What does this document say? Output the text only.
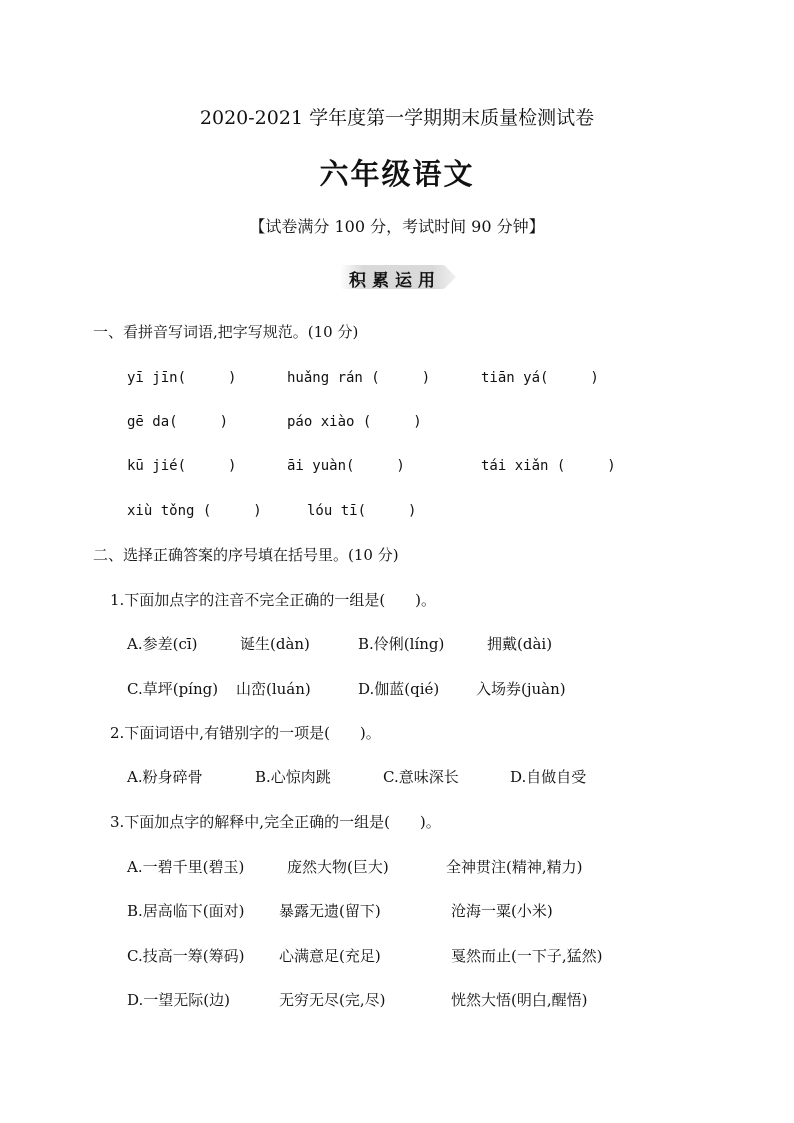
2020-2021 学年度第一学期期末质量检测试卷
六年级语文
【试卷满分 100 分，考试时间 90 分钟】
积累运用
一、看拼音写词语,把字写规范。(10 分)
yī jīn(　　　)	huǎng rán (　　　)	tiān yá(　　　)
gē da(　　　)	páo xiào (　　　)
kū jié(　　　)	āi yuàn(　　　)	tái xiǎn (　　　)
xiù tǒng (　　　)	lóu tī(　　　)
二、选择正确答案的序号填在括号里。(10 分)
1.下面加点字的注音不完全正确的一组是(　　)。
A.参差(cī)	诞生(dàn)	B.伶俐(líng)	拥戴(dài)
C.草坪(píng) 山峦(luán)	D.伽蓝(qié) 入场券(juàn)
2.下面词语中,有错别字的一项是(　　)。
A.粉身碎骨	B.心惊肉跳	C.意味深长	D.自做自受
3.下面加点字的解释中,完全正确的一组是(　　)。
A.一碧千里(碧玉)	庞然大物(巨大)	全神贯注(精神,精力)
B.居高临下(面对) 暴露无遗(留下)	沧海一粟(小米)
C.技高一筹(筹码) 心满意足(充足)	戛然而止(一下子,猛然)
D.一望无际(边)	无穷无尽(完,尽)	恍然大悟(明白,醒悟)
